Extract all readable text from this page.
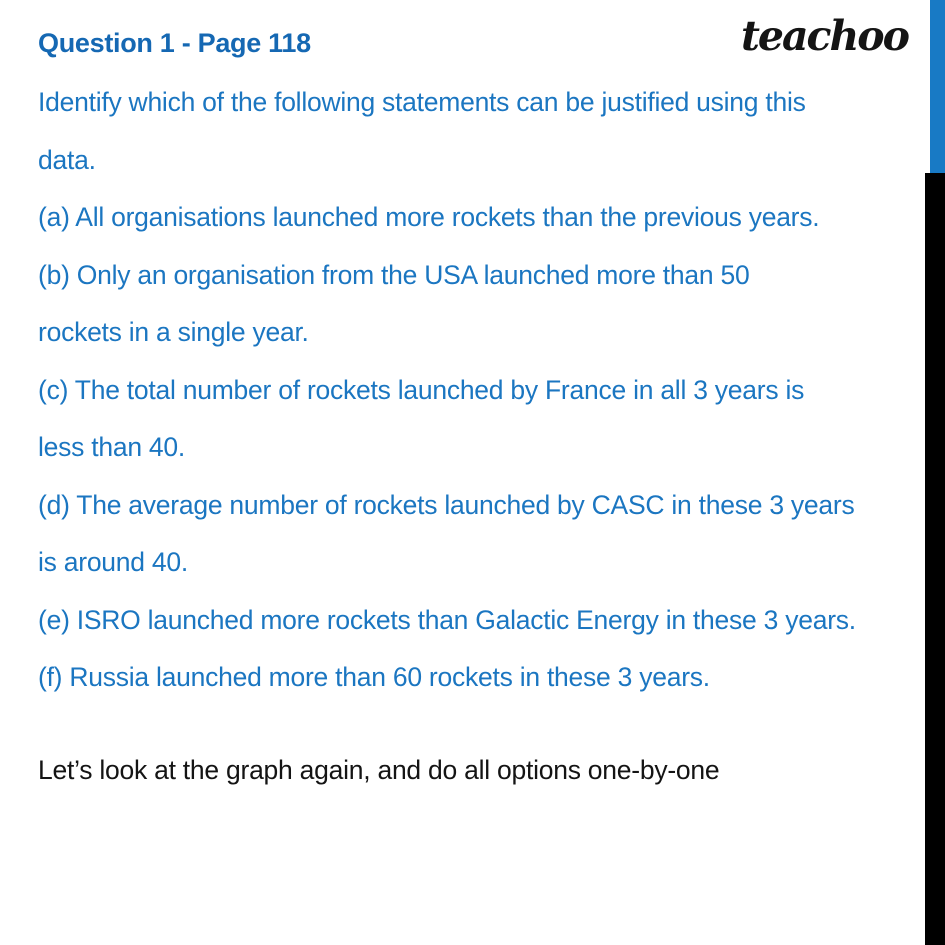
Question 1 - Page 118	teachoo
Identify which of the following statements can be justified using this
data.
(a) All organisations launched more rockets than the previous years.
(b) Only an organisation from the USA launched more than 50
rockets in a single year.
(c) The total number of rockets launched by France in all 3 years is
less than 40.
(d) The average number of rockets launched by CASC in these 3 years
is around 40.
(e) ISRO launched more rockets than Galactic Energy in these 3 years.
(f) Russia launched more than 60 rockets in these 3 years.
Let’s look at the graph again, and do all options one-by-one
